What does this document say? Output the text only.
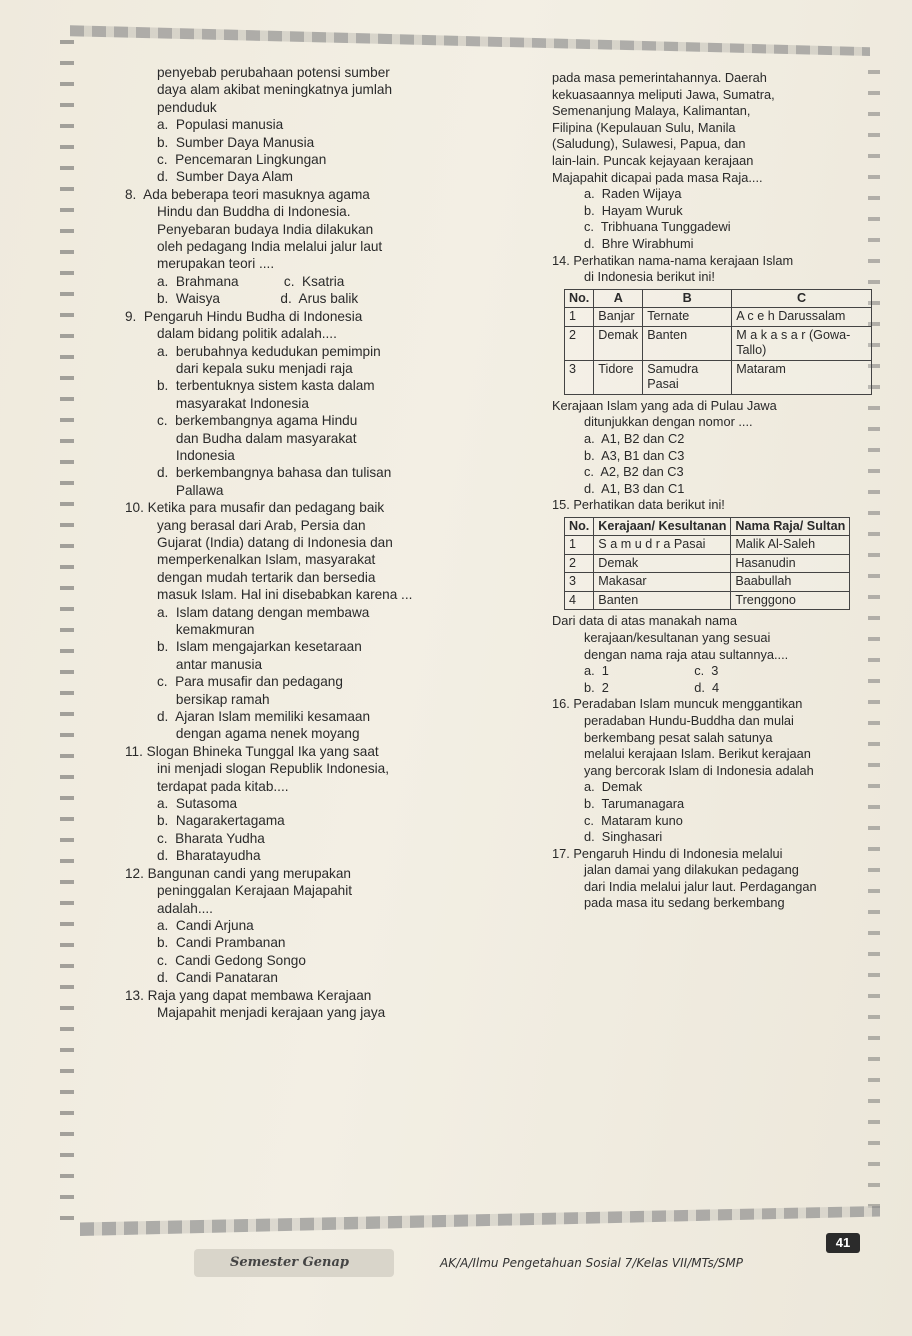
penyebab perubahaan potensi sumber
daya alam akibat meningkatnya jumlah
penduduk
a.  Populasi manusia
b.  Sumber Daya Manusia
c.  Pencemaran Lingkungan
d.  Sumber Daya Alam
8.  Ada beberapa teori masuknya agama
Hindu dan Buddha di Indonesia.
Penyebaran budaya India dilakukan
oleh pedagang India melalui jalur laut
merupakan teori ....
a.  Brahmana            c.  Ksatria
b.  Waisya                d.  Arus balik
9.  Pengaruh Hindu Budha di Indonesia
dalam bidang politik adalah....
a.  berubahnya kedudukan pemimpin
dari kepala suku menjadi raja
b.  terbentuknya sistem kasta dalam
masyarakat Indonesia
c.  berkembangnya agama Hindu
dan Budha dalam masyarakat
Indonesia
d.  berkembangnya bahasa dan tulisan
Pallawa
10. Ketika para musafir dan pedagang baik
yang berasal dari Arab, Persia dan
Gujarat (India) datang di Indonesia dan
memperkenalkan Islam, masyarakat
dengan mudah tertarik dan bersedia
masuk Islam. Hal ini disebabkan karena ...
a.  Islam datang dengan membawa
kemakmuran
b.  Islam mengajarkan kesetaraan
antar manusia
c.  Para musafir dan pedagang
bersikap ramah
d.  Ajaran Islam memiliki kesamaan
dengan agama nenek moyang
11. Slogan Bhineka Tunggal Ika yang saat
ini menjadi slogan Republik Indonesia,
terdapat pada kitab....
a.  Sutasoma
b.  Nagarakertagama
c.  Bharata Yudha
d.  Bharatayudha
12. Bangunan candi yang merupakan
peninggalan Kerajaan Majapahit
adalah....
a.  Candi Arjuna
b.  Candi Prambanan
c.  Candi Gedong Songo
d.  Candi Panataran
13. Raja yang dapat membawa Kerajaan
Majapahit menjadi kerajaan yang jaya
pada masa pemerintahannya. Daerah
kekuasaannya meliputi Jawa, Sumatra,
Semenanjung Malaya, Kalimantan,
Filipina (Kepulauan Sulu, Manila
(Saludung), Sulawesi, Papua, dan
lain-lain. Puncak kejayaan kerajaan
Majapahit dicapai pada masa Raja....
a.  Raden Wijaya
b.  Hayam Wuruk
c.  Tribhuana Tunggadewi
d.  Bhre Wirabhumi
14. Perhatikan nama-nama kerajaan Islam
di Indonesia berikut ini!
No.	A	B	C
1	Banjar	Ternate	A c e h Darussalam
2	Demak	Banten	M a k a s a r (Gowa-Tallo)
3	Tidore	Samudra Pasai	Mataram
Kerajaan Islam yang ada di Pulau Jawa
ditunjukkan dengan nomor ....
a.  A1, B2 dan C2
b.  A3, B1 dan C3
c.  A2, B2 dan C3
d.  A1, B3 dan C1
15. Perhatikan data berikut ini!
No.	Kerajaan/ Kesultanan	Nama Raja/ Sultan
1	S a m u d r a Pasai	Malik Al-Saleh
2	Demak	Hasanudin
3	Makasar	Baabullah
4	Banten	Trenggono
Dari data di atas manakah nama
kerajaan/kesultanan yang sesuai
dengan nama raja atau sultannya....
a.  1                        c.  3
b.  2                        d.  4
16. Peradaban Islam muncuk menggantikan
peradaban Hundu-Buddha dan mulai
berkembang pesat salah satunya
melalui kerajaan Islam. Berikut kerajaan
yang bercorak Islam di Indonesia adalah
a.  Demak
b.  Tarumanagara
c.  Mataram kuno
d.  Singhasari
17. Pengaruh Hindu di Indonesia melalui
jalan damai yang dilakukan pedagang
dari India melalui jalur laut. Perdagangan
pada masa itu sedang berkembang
Semester Genap	AK/A/Ilmu Pengetahuan Sosial 7/Kelas VII/MTs/SMP
41
